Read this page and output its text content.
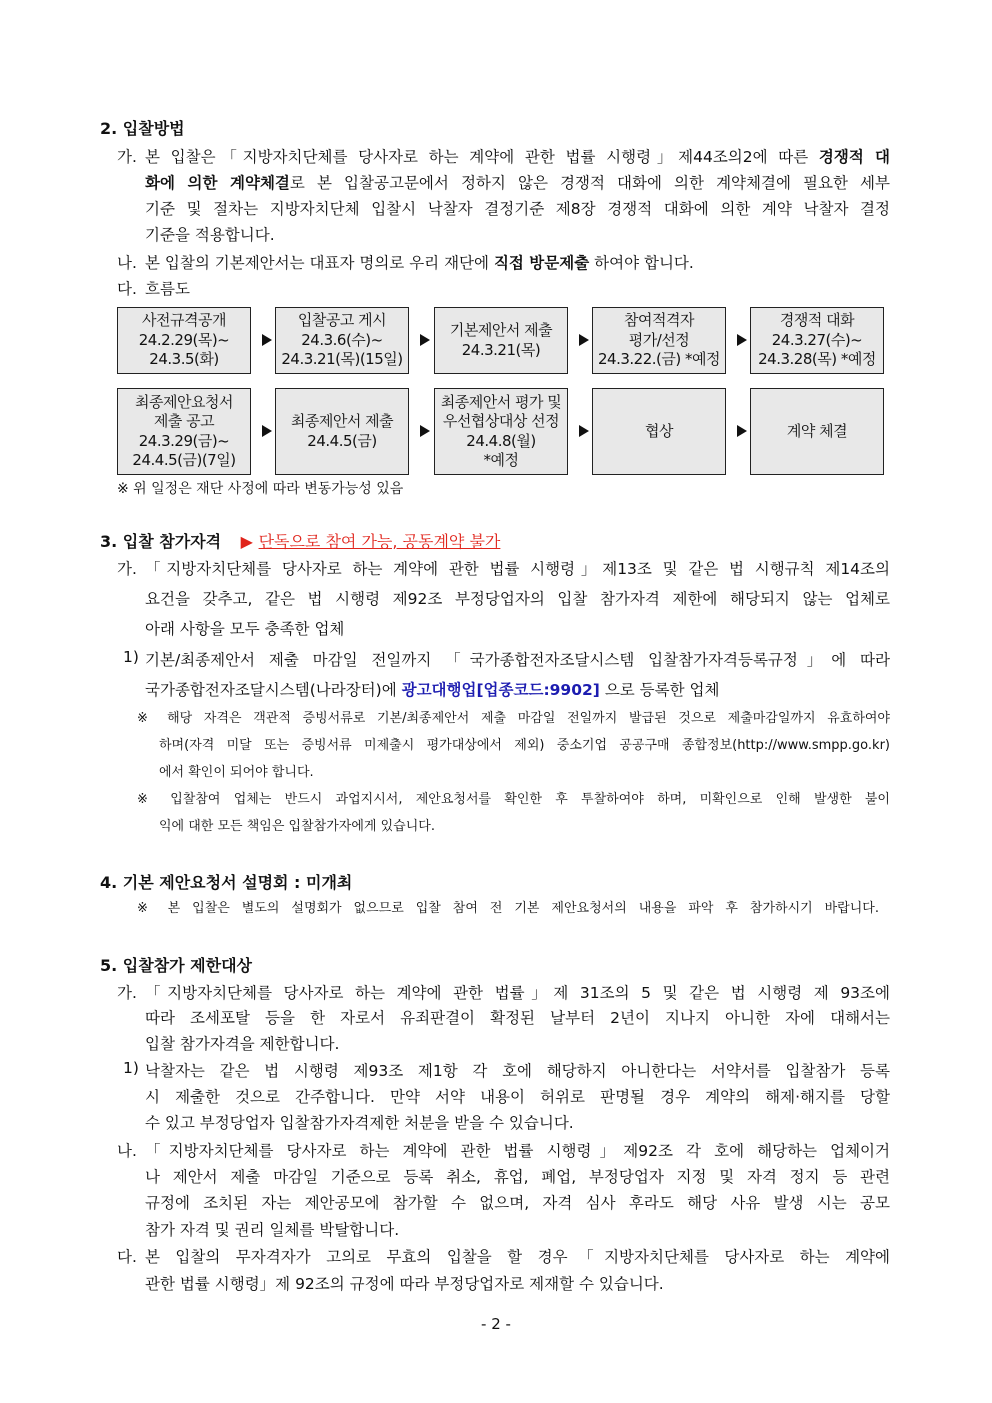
2. 입찰방법
가. 본 입찰은「지방자치단체를 당사자로 하는 계약에 관한 법률 시행령」제44조의2에 따른 경쟁적 대
화에 의한 계약체결로 본 입찰공고문에서 정하지 않은 경쟁적 대화에 의한 계약체결에 필요한 세부
기준 및 절차는 지방자치단체 입찰시 낙찰자 결정기준 제8장 경쟁적 대화에 의한 계약 낙찰자 결정
기준을 적용합니다.
나. 본 입찰의 기본제안서는 대표자 명의로 우리 재단에 직접 방문제출 하여야 합니다.
다. 흐름도
사전규격공개
24.2.29(목)~
24.3.5(화)
입찰공고 게시
24.3.6(수)~
24.3.21(목)(15일)
기본제안서 제출
24.3.21(목)
참여적격자
평가/선정
24.3.22.(금) *예정
경쟁적 대화
24.3.27(수)~
24.3.28(목) *예정
최종제안요청서
제출 공고
24.3.29(금)~
24.4.5(금)(7일)
최종제안서 제출
24.4.5(금)
최종제안서 평가 및
우선협상대상 선정
24.4.8(월)
*예정
협상	계약 체결
※ 위 일정은 재단 사정에 따라 변동가능성 있음
3. 입찰 참가자격 ▶ 단독으로 참여 가능, 공동계약 불가
가. 「지방자치단체를 당사자로 하는 계약에 관한 법률 시행령」제13조 및 같은 법 시행규칙 제14조의
요건을 갖추고, 같은 법 시행령 제92조 부정당업자의 입찰 참가자격 제한에 해당되지 않는 업체로
아래 사항을 모두 충족한 업체
1) 기본/최종제안서 제출 마감일 전일까지 「국가종합전자조달시스템 입찰참가자격등록규정」에 따라
국가종합전자조달시스템(나라장터)에 광고대행업[업종코드:9902] 으로 등록한 업체
※ 해당 자격은 객관적 증빙서류로 기본/최종제안서 제출 마감일 전일까지 발급된 것으로 제출마감일까지 유효하여야
하며(자격 미달 또는 증빙서류 미제출시 평가대상에서 제외) 중소기업 공공구매 종합정보(http://www.smpp.go.kr)
에서 확인이 되어야 합니다.
※ 입찰참여 업체는 반드시 과업지시서, 제안요청서를 확인한 후 투찰하여야 하며, 미확인으로 인해 발생한 불이
익에 대한 모든 책임은 입찰참가자에게 있습니다.
4. 기본 제안요청서 설명회 : 미개최
※ 본 입찰은 별도의 설명회가 없으므로 입찰 참여 전 기본 제안요청서의 내용을 파악 후 참가하시기 바랍니다.
5. 입찰참가 제한대상
가. 「지방자치단체를 당사자로 하는 계약에 관한 법률」제 31조의 5 및 같은 법 시행령 제 93조에
따라 조세포탈 등을 한 자로서 유죄판결이 확정된 날부터 2년이 지나지 아니한 자에 대해서는
입찰 참가자격을 제한합니다.
1) 낙찰자는 같은 법 시행령 제93조 제1항 각 호에 해당하지 아니한다는 서약서를 입찰참가 등록
시 제출한 것으로 간주합니다. 만약 서약 내용이 허위로 판명될 경우 계약의 해제·해지를 당할
수 있고 부정당업자 입찰참가자격제한 처분을 받을 수 있습니다.
나. 「지방자치단체를 당사자로 하는 계약에 관한 법률 시행령」제92조 각 호에 해당하는 업체이거
나 제안서 제출 마감일 기준으로 등록 취소, 휴업, 폐업, 부정당업자 지정 및 자격 정지 등 관련
규정에 조치된 자는 제안공모에 참가할 수 없으며, 자격 심사 후라도 해당 사유 발생 시는 공모
참가 자격 및 권리 일체를 박탈합니다.
다. 본 입찰의 무자격자가 고의로 무효의 입찰을 할 경우「지방자치단체를 당사자로 하는 계약에
관한 법률 시행령」제 92조의 규정에 따라 부정당업자로 제재할 수 있습니다.
- 2 -
